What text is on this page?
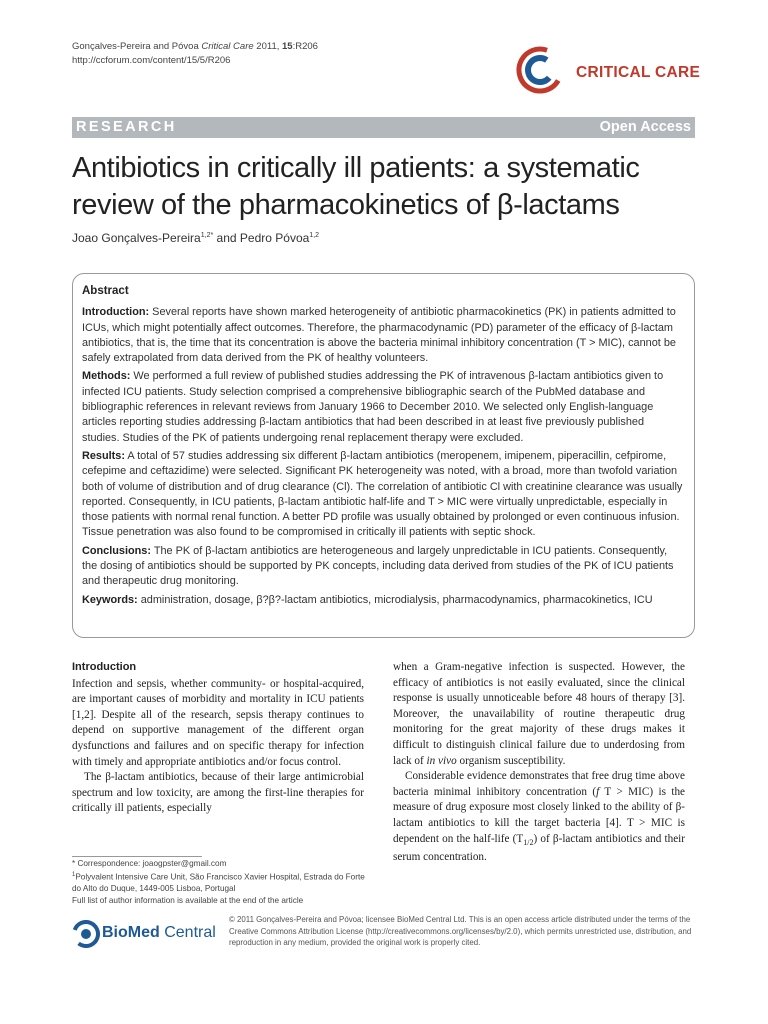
Gonçalves-Pereira and Póvoa Critical Care 2011, 15:R206
http://ccforum.com/content/15/5/R206
CRITICAL CARE
RESEARCH	Open Access
Antibiotics in critically ill patients: a systematic review of the pharmacokinetics of β-lactams
Joao Gonçalves-Pereira$^{1,2*}$ and Pedro Póvoa$^{1,2}$
Abstract

Introduction: Several reports have shown marked heterogeneity of antibiotic pharmacokinetics (PK) in patients admitted to ICUs, which might potentially affect outcomes. Therefore, the pharmacodynamic (PD) parameter of the efficacy of β-lactam antibiotics, that is, the time that its concentration is above the bacteria minimal inhibitory concentration (T > MIC), cannot be safely extrapolated from data derived from the PK of healthy volunteers.

Methods: We performed a full review of published studies addressing the PK of intravenous β-lactam antibiotics given to infected ICU patients. Study selection comprised a comprehensive bibliographic search of the PubMed database and bibliographic references in relevant reviews from January 1966 to December 2010. We selected only English-language articles reporting studies addressing β-lactam antibiotics that had been described in at least five previously published studies. Studies of the PK of patients undergoing renal replacement therapy were excluded.

Results: A total of 57 studies addressing six different β-lactam antibiotics (meropenem, imipenem, piperacillin, cefpirome, cefepime and ceftazidime) were selected. Significant PK heterogeneity was noted, with a broad, more than twofold variation both of volume of distribution and of drug clearance (Cl). The correlation of antibiotic Cl with creatinine clearance was usually reported. Consequently, in ICU patients, β-lactam antibiotic half-life and T > MIC were virtually unpredictable, especially in those patients with normal renal function. A better PD profile was usually obtained by prolonged or even continuous infusion. Tissue penetration was also found to be compromised in critically ill patients with septic shock.

Conclusions: The PK of β-lactam antibiotics are heterogeneous and largely unpredictable in ICU patients. Consequently, the dosing of antibiotics should be supported by PK concepts, including data derived from studies of the PK of ICU patients and therapeutic drug monitoring.

Keywords: administration, dosage, β?β?-lactam antibiotics, microdialysis, pharmacodynamics, pharmacokinetics, ICU

Introduction

Infection and sepsis, whether community- or hospital-acquired, are important causes of morbidity and mortality in ICU patients [1,2]. Despite all of the research, sepsis therapy continues to depend on supportive management of the different organ dysfunctions and failures and on specific therapy for infection with timely and appropriate antibiotics and/or focus control.

The β-lactam antibiotics, because of their large antimicrobial spectrum and low toxicity, are among the first-line therapies for critically ill patients, especially

when a Gram-negative infection is suspected. However, the efficacy of antibiotics is not easily evaluated, since the clinical response is usually unnoticeable before 48 hours of therapy [3]. Moreover, the unavailability of routine therapeutic drug monitoring for the great majority of these drugs makes it difficult to distinguish clinical failure due to underdosing from lack of in vivo organism susceptibility.

Considerable evidence demonstrates that free drug time above bacteria minimal inhibitory concentration (f T > MIC) is the measure of drug exposure most closely linked to the ability of β-lactam antibiotics to kill the target bacteria [4]. T > MIC is dependent on the half-life $(T_{1/2})$ of β-lactam antibiotics and their serum concentration.

* Correspondence: joaogpster@gmail.com
$^1$Polyvalent Intensive Care Unit, São Francisco Xavier Hospital, Estrada do Forte do Alto do Duque, 1449-005 Lisboa, Portugal
Full list of author information is available at the end of the article
BioMed Central
© 2011 Gonçalves-Pereira and Póvoa; licensee BioMed Central Ltd. This is an open access article distributed under the terms of the Creative Commons Attribution License (http://creativecommons.org/licenses/by/2.0), which permits unrestricted use, distribution, and reproduction in any medium, provided the original work is properly cited.
